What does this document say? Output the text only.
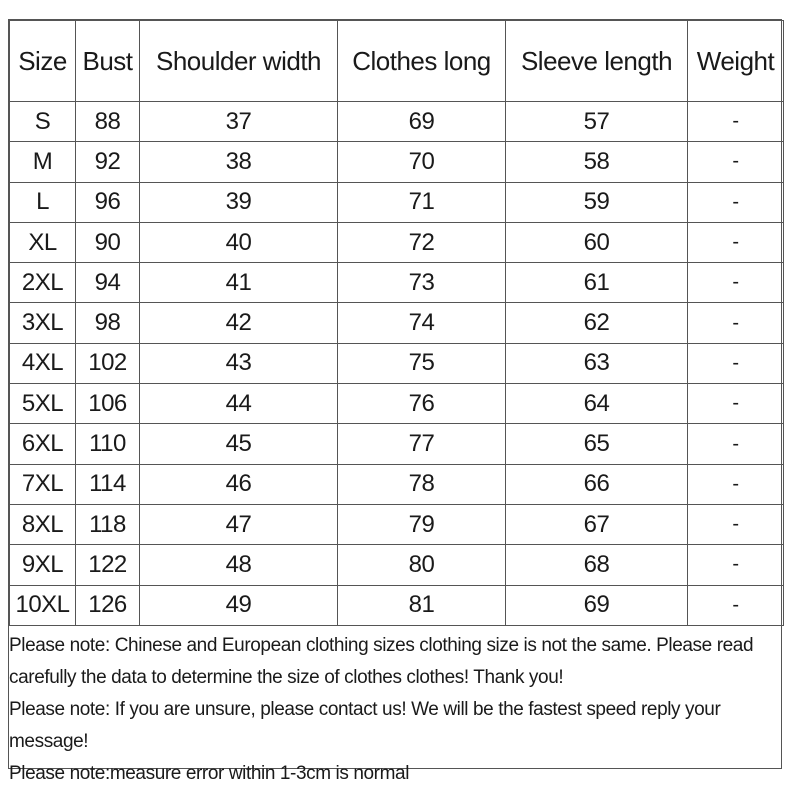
Size	Bust	Shoulder width	Clothes long	Sleeve length	Weight
S	88	37	69	57	-
M	92	38	70	58	-
L	96	39	71	59	-
XL	90	40	72	60	-
2XL	94	41	73	61	-
3XL	98	42	74	62	-
4XL	102	43	75	63	-
5XL	106	44	76	64	-
6XL	110	45	77	65	-
7XL	114	46	78	66	-
8XL	118	47	79	67	-
9XL	122	48	80	68	-
10XL	126	49	81	69	-
Please note: Chinese and European clothing sizes clothing size is not the same. Please read carefully the data to determine the size of clothes clothes! Thank you!
Please note: If you are unsure, please contact us! We will be the fastest speed reply your message!
Please note:measure error within 1-3cm is normal
